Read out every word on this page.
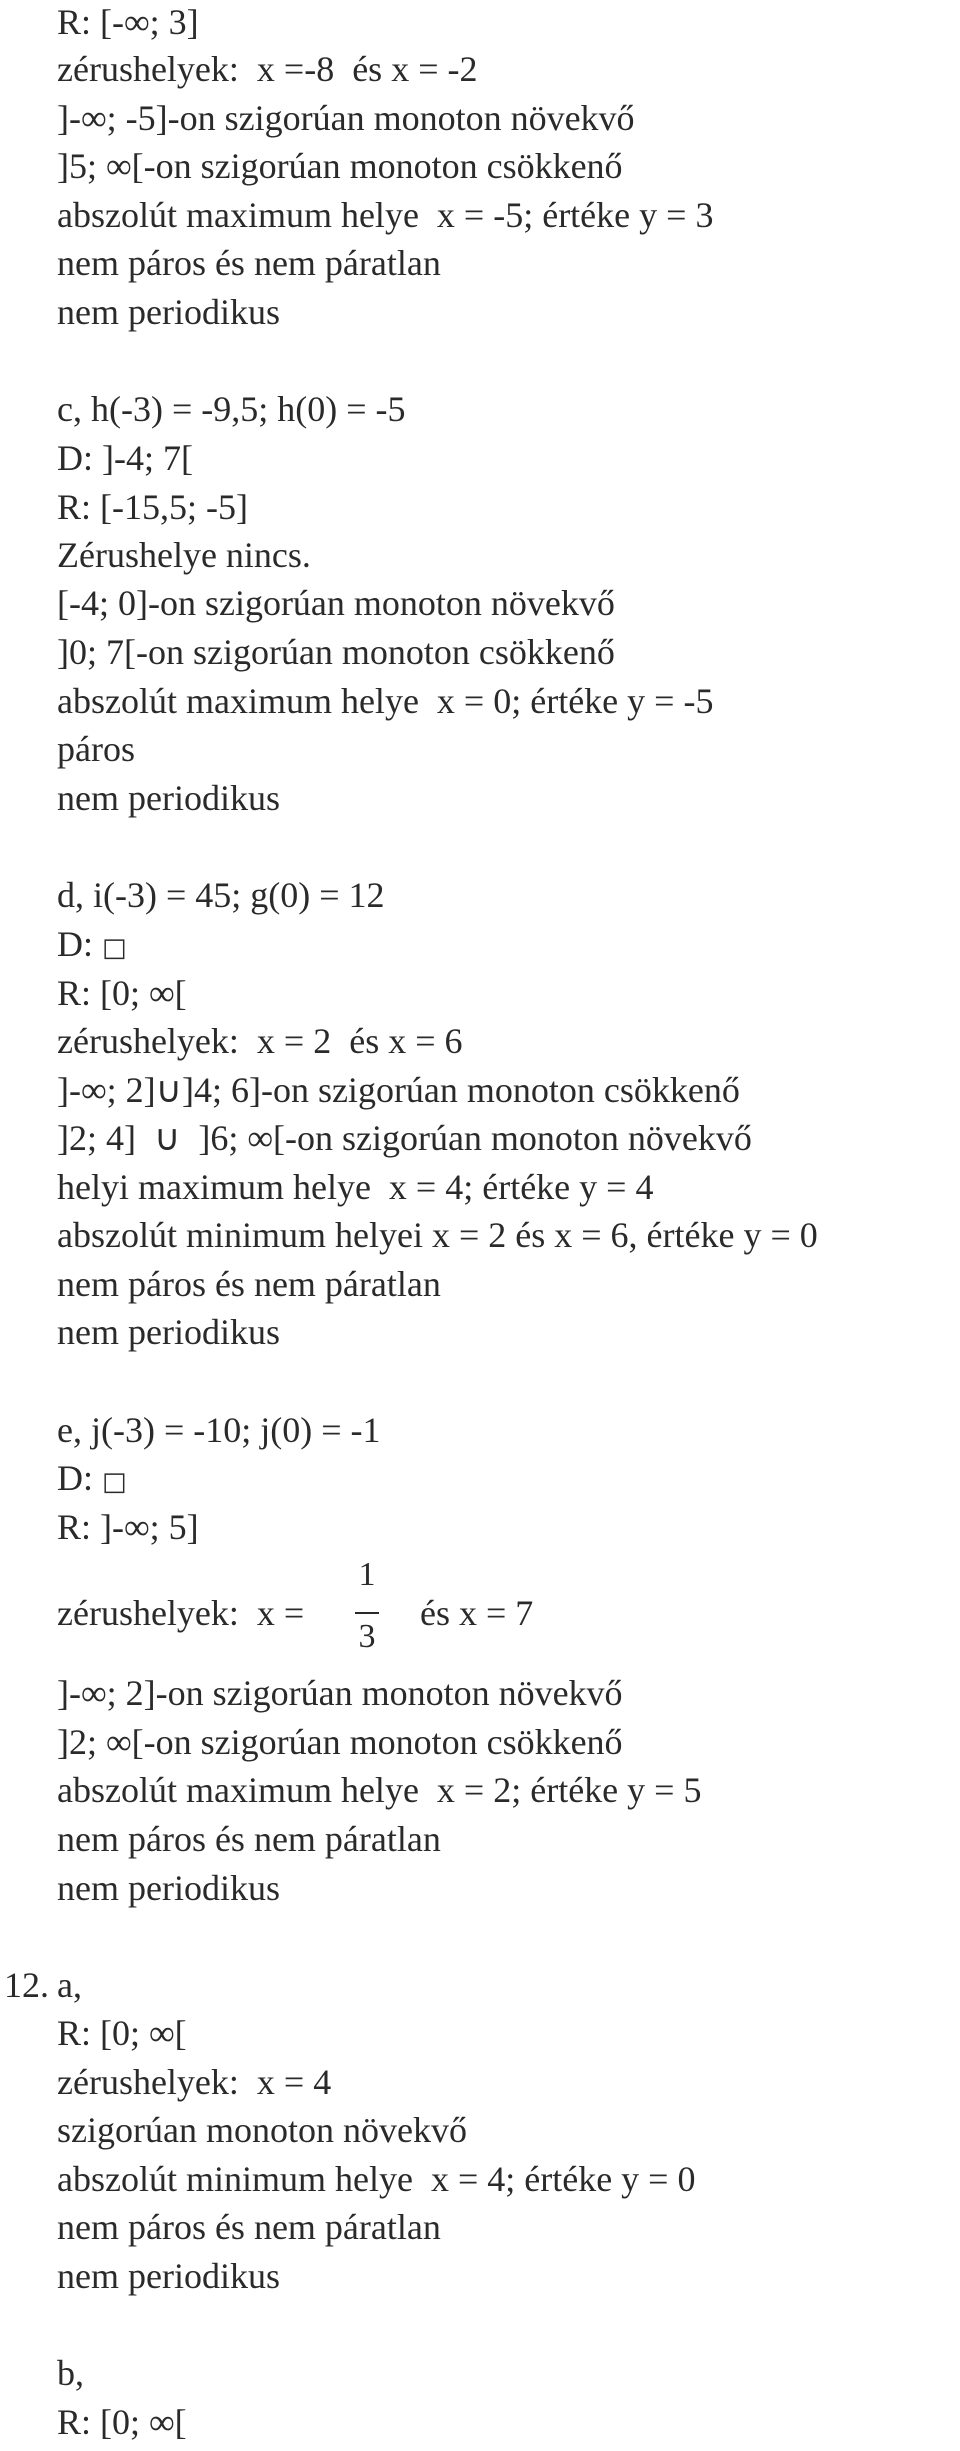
R: [-∞; 3]
zérushelyek:  x =-8  és x = -2
]-∞; -5]-on szigorúan monoton növekvő
]5; ∞[-on szigorúan monoton csökkenő
abszolút maximum helye  x = -5; értéke y = 3
nem páros és nem páratlan
nem periodikus
c, h(-3) = -9,5; h(0) = -5
D: ]-4; 7[
R: [-15,5; -5]
Zérushelye nincs.
[-4; 0]-on szigorúan monoton növekvő
]0; 7[-on szigorúan monoton csökkenő
abszolút maximum helye  x = 0; értéke y = -5
páros
nem periodikus
d, i(-3) = 45; g(0) = 12
D: □
R: [0; ∞[
zérushelyek:  x = 2  és x = 6
]-∞; 2]∪]4; 6]-on szigorúan monoton csökkenő
]2; 4]  ∪  ]6; ∞[-on szigorúan monoton növekvő
helyi maximum helye  x = 4; értéke y = 4
abszolút minimum helyei x = 2 és x = 6, értéke y = 0
nem páros és nem páratlan
nem periodikus
e, j(-3) = -10; j(0) = -1
D: □
R: ]-∞; 5]
zérushelyek:  x =
1
3
és x = 7
]-∞; 2]-on szigorúan monoton növekvő
]2; ∞[-on szigorúan monoton csökkenő
abszolút maximum helye  x = 2; értéke y = 5
nem páros és nem páratlan
nem periodikus
12. a,
R: [0; ∞[
zérushelyek:  x = 4
szigorúan monoton növekvő
abszolút minimum helye  x = 4; értéke y = 0
nem páros és nem páratlan
nem periodikus
b,
R: [0; ∞[
